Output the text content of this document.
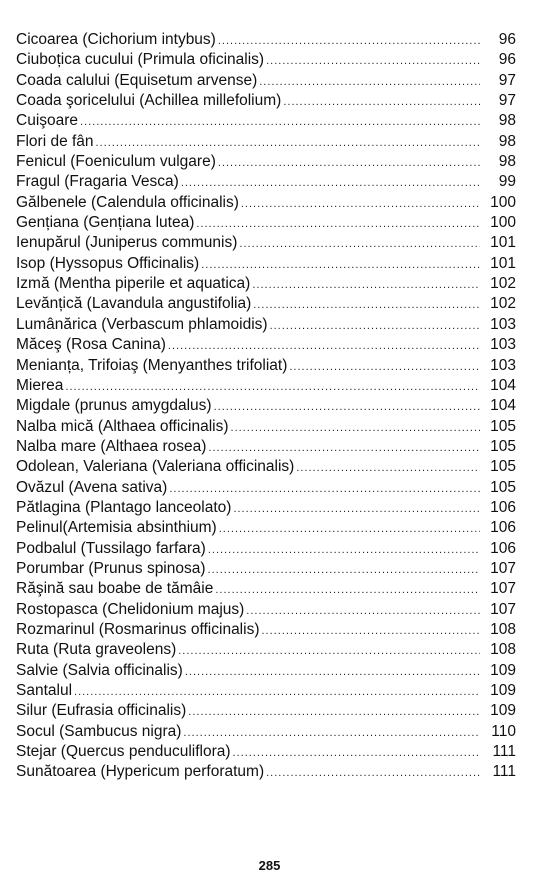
Cicoarea (Cichorium intybus) .....	96
Ciuboțica cucului (Primula oficinalis) .....	96
Coada calului (Equisetum arvense) .....	97
Coada şoricelului (Achillea millefolium) .....	97
Cuişoare .....	98
Flori de fân .....	98
Fenicul (Foeniculum vulgare) .....	98
Fragul (Fragaria Vesca) .....	99
Gălbenele (Calendula officinalis) .....	100
Gențiana (Gențiana lutea) .....	100
Ienupărul (Juniperus communis) .....	101
Isop (Hyssopus Officinalis) .....	101
Izmă (Mentha piperile et aquatica) .....	102
Levănțică (Lavandula angustifolia) .....	102
Lumânărica (Verbascum phlamoidis) .....	103
Măceş (Rosa Canina) .....	103
Menianța, Trifoiaş (Menyanthes trifoliat) .....	103
Mierea .....	104
Migdale (prunus amygdalus) .....	104
Nalba mică (Althaea officinalis) .....	105
Nalba mare (Althaea rosea) .....	105
Odolean, Valeriana (Valeriana officinalis) .....	105
Ovăzul (Avena sativa) .....	105
Pătlagina (Plantago lanceolato) .....	106
Pelinul(Artemisia absinthium) .....	106
Podbalul (Tussilago farfara) .....	106
Porumbar (Prunus spinosa) .....	107
Răşină sau boabe de tămâie .....	107
Rostopasca (Chelidonium majus) .....	107
Rozmarinul (Rosmarinus officinalis) .....	108
Ruta (Ruta graveolens) .....	108
Salvie (Salvia officinalis) .....	109
Santalul .....	109
Silur (Eufrasia officinalis) .....	109
Socul (Sambucus nigra) .....	110
Stejar (Quercus penduculiflora) .....	111
Sunătoarea (Hypericum perforatum) .....	111
285
